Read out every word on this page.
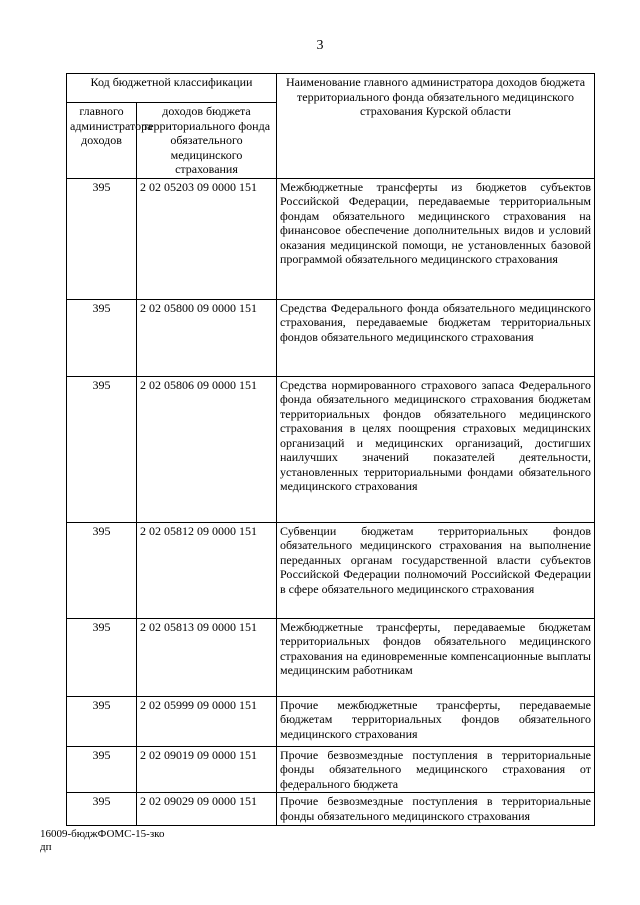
3
Код бюджетной классификации		Наименование главного администратора доходов бюджета территориального фонда обязательного медицинского страхования Курской области
главного администратора доходов	доходов бюджета территориального фонда обязательного медицинского страхования	
395	2 02 05203 09 0000 151	Межбюджетные трансферты из бюджетов субъектов Российской Федерации, передаваемые территориальным фондам обязательного медицинского страхования на финансовое обеспечение дополнительных видов и условий оказания медицинской помощи, не установленных базовой программой обязательного медицинского страхования
395	2 02 05800 09 0000 151	Средства Федерального фонда обязательного медицинского страхования, передаваемые бюджетам территориальных фондов обязательного медицинского страхования
395	2 02 05806 09 0000 151	Средства нормированного страхового запаса Федерального фонда обязательного медицинского страхования бюджетам территориальных фондов обязательного медицинского страхования в целях поощрения страховых медицинских организаций и медицинских организаций, достигших наилучших значений показателей деятельности, установленных территориальными фондами обязательного медицинского страхования
395	2 02 05812 09 0000 151	Субвенции бюджетам территориальных фондов обязательного медицинского страхования на выполнение переданных органам государственной власти субъектов Российской Федерации полномочий Российской Федерации в сфере обязательного медицинского страхования
395	2 02 05813 09 0000 151	Межбюджетные трансферты, передаваемые бюджетам территориальных фондов обязательного медицинского страхования на единовременные компенсационные выплаты медицинским работникам
395	2 02 05999 09 0000 151	Прочие межбюджетные трансферты, передаваемые бюджетам территориальных фондов обязательного медицинского страхования
395	2 02 09019 09 0000 151	Прочие безвозмездные поступления в территориальные фонды обязательного медицинского страхования от федерального бюджета
395	2 02 09029 09 0000 151	Прочие безвозмездные поступления в территориальные фонды обязательного медицинского страхования
16009-бюджФОМС-15-зко
дп
